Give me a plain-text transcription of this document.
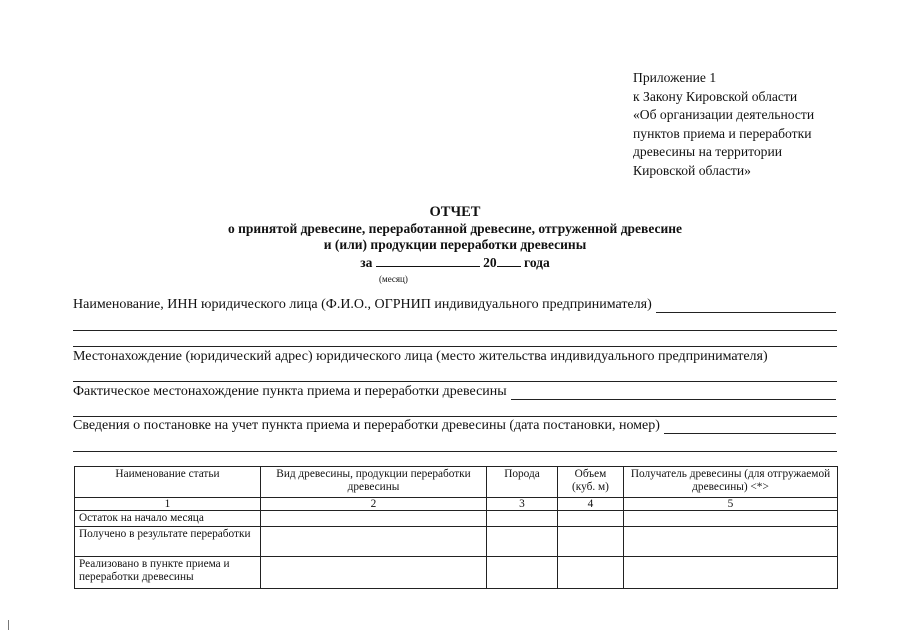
Приложение 1
к Закону Кировской области
«Об организации деятельности
пунктов приема и переработки
древесины на территории
Кировской области»
ОТЧЕТ
о принятой древесине, переработанной древесине, отгруженной древесине
и (или) продукции переработки древесины
за	20 года
(месяц)
Наименование, ИНН юридического лица (Ф.И.О., ОГРНИП индивидуального предпринимателя)
Местонахождение (юридический адрес) юридического лица (место жительства индивидуального предпринимателя)
Фактическое местонахождение пункта приема и переработки древесины
Сведения о постановке на учет пункта приема и переработки древесины (дата постановки, номер)
Наименование статьи	Вид древесины, продукции переработки древесины	Порода	Объем (куб. м)	Получатель древесины (для отгружаемой древесины) <*>
1	2	3	4	5
Остаток на начало месяца				
Получено в результате переработки				
Реализовано в пункте приема и переработки древесины				
